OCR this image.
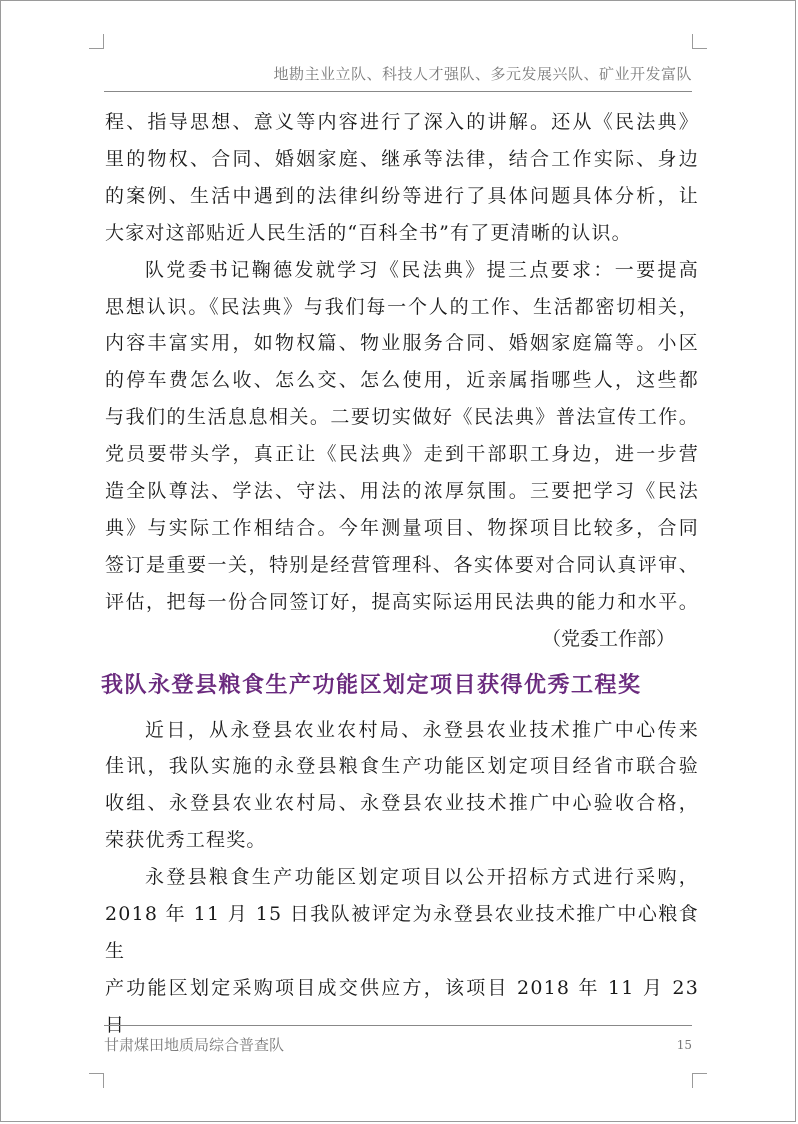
地勘主业立队、科技人才强队、多元发展兴队、矿业开发富队

程、指导思想、意义等内容进行了深入的讲解。还从《民法典》

里的物权、合同、婚姻家庭、继承等法律，结合工作实际、身边

的案例、生活中遇到的法律纠纷等进行了具体问题具体分析，让

大家对这部贴近人民生活的“百科全书”有了更清晰的认识。

队党委书记鞠德发就学习《民法典》提三点要求：一要提高

思想认识。《民法典》与我们每一个人的工作、生活都密切相关，

内容丰富实用，如物权篇、物业服务合同、婚姻家庭篇等。小区

的停车费怎么收、怎么交、怎么使用，近亲属指哪些人，这些都

与我们的生活息息相关。二要切实做好《民法典》普法宣传工作。

党员要带头学，真正让《民法典》走到干部职工身边，进一步营

造全队尊法、学法、守法、用法的浓厚氛围。三要把学习《民法

典》与实际工作相结合。今年测量项目、物探项目比较多，合同

签订是重要一关，特别是经营管理科、各实体要对合同认真评审、

评估，把每一份合同签订好，提高实际运用民法典的能力和水平。

（党委工作部）

我队永登县粮食生产功能区划定项目获得优秀工程奖

近日，从永登县农业农村局、永登县农业技术推广中心传来

佳讯，我队实施的永登县粮食生产功能区划定项目经省市联合验

收组、永登县农业农村局、永登县农业技术推广中心验收合格，

荣获优秀工程奖。

永登县粮食生产功能区划定项目以公开招标方式进行采购，

2018 年 11 月 15 日我队被评定为永登县农业技术推广中心粮食生

产功能区划定采购项目成交供应方，该项目 2018 年 11 月 23 日

甘肃煤田地质局综合普查队	15
